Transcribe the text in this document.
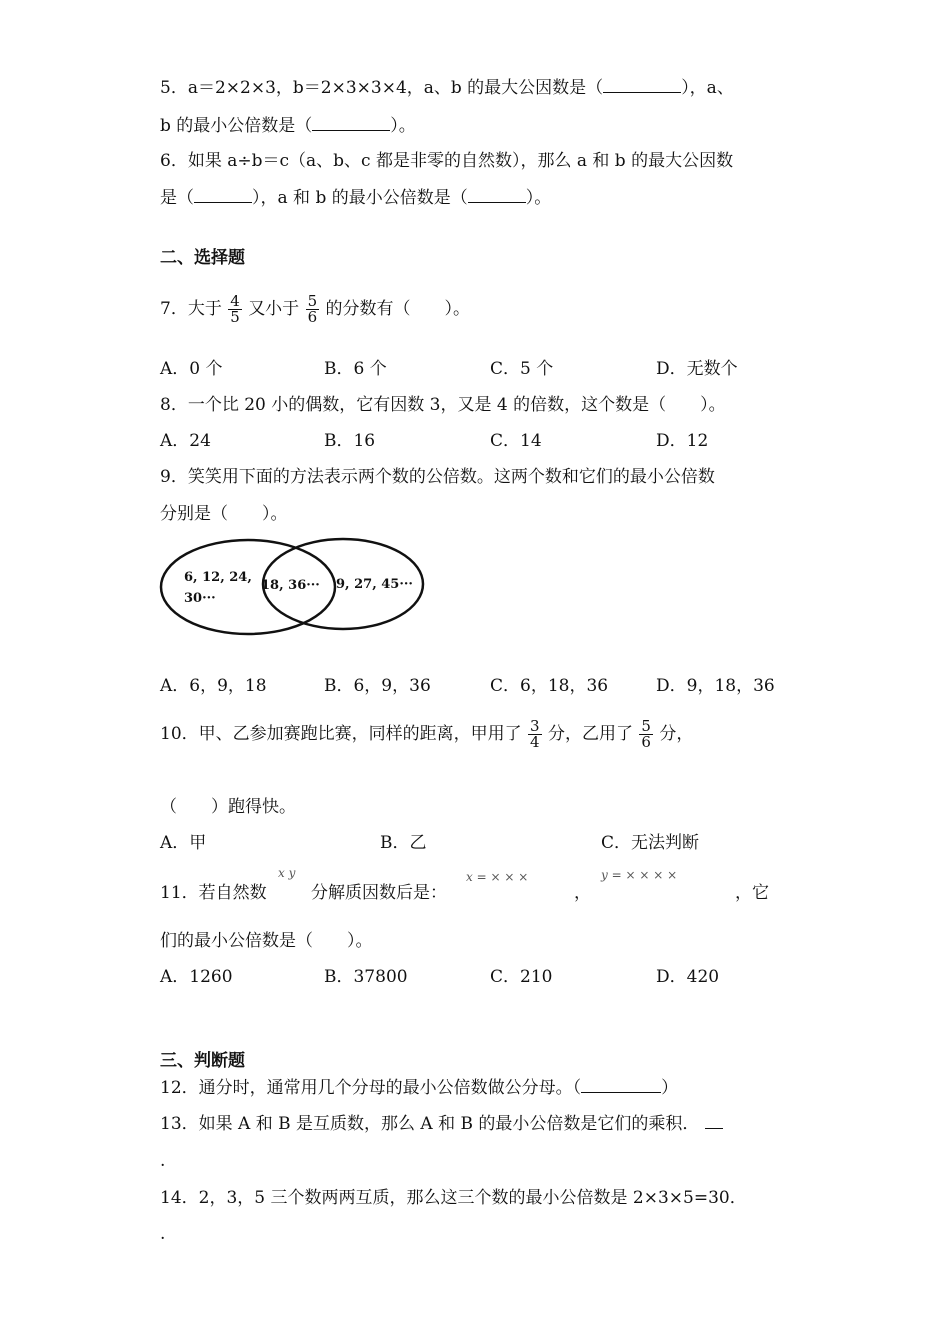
5．a＝2×2×3，b＝2×3×3×4，a、b 的最大公因数是（	），a、
b 的最小公倍数是（	）。
6．如果 a÷b＝c（a、b、c 都是非零的自然数），那么 a 和 b 的最大公因数
是（	），a 和 b 的最小公倍数是（	）。
二、选择题
7．大于 $\frac{4}{5}$ 又小于 $\frac{5}{6}$ 的分数有（　　）。
A．0 个	B．6 个	C．5 个	D．无数个
8．一个比 20 小的偶数，它有因数 3，又是 4 的倍数，这个数是（　　）。
A．24	B．16	C．14	D．12
9．笑笑用下面的方法表示两个数的公倍数。这两个数和它们的最小公倍数
分别是（　　）。
6, 12, 24,
30···
18, 36··· 9, 27, 45···
A．6，9，18	B．6，9，36	C．6，18，36	D．9，18，36
10．甲、乙参加赛跑比赛，同样的距离，甲用了 $\frac{3}{4}$ 分，乙用了 $\frac{5}{6}$ 分，
（　　）跑得快。
A．甲	B．乙	C．无法判断
11．若自然数
x y
分解质因数后是：
x = × × ×
，
y = × × × ×
，它
们的最小公倍数是（　　）。
A．1260	B．37800	C．210	D．420
三、判断题
12．通分时，通常用几个分母的最小公倍数做公分母。（	）
13．如果 A 和 B 是互质数，那么 A 和 B 的最小公倍数是它们的乘积．
.
14．2，3，5 三个数两两互质，那么这三个数的最小公倍数是 2×3×5=30．
.
